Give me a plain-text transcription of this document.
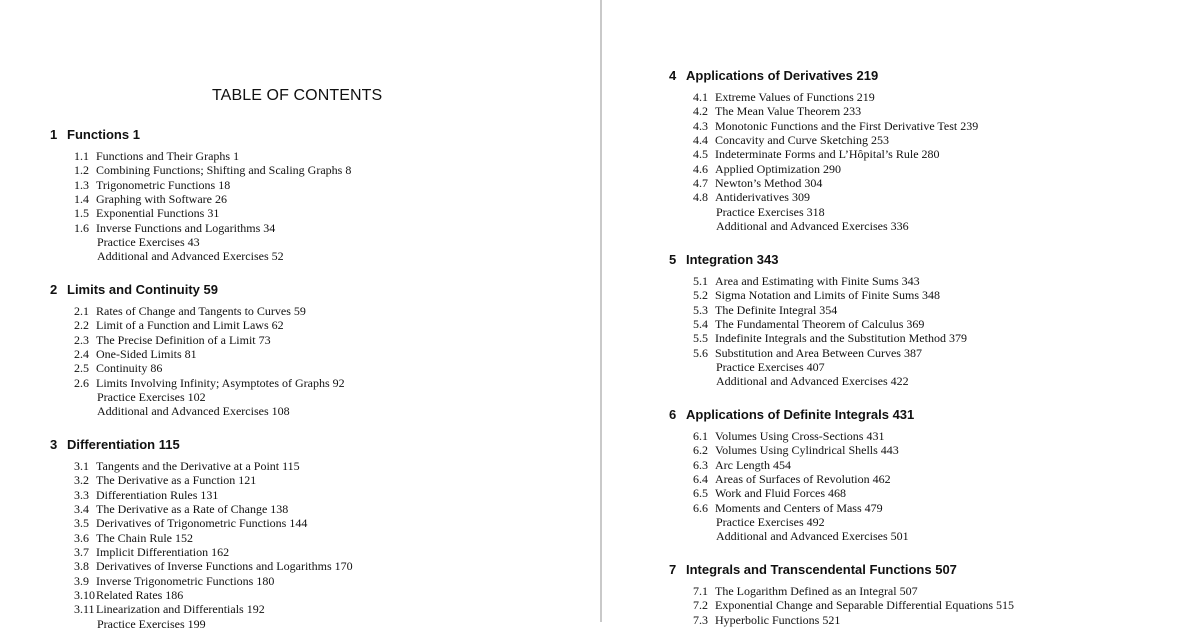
TABLE OF CONTENTS
1 Functions 1
1.1 Functions and Their Graphs 1
1.2 Combining Functions; Shifting and Scaling Graphs 8
1.3 Trigonometric Functions 18
1.4 Graphing with Software 26
1.5 Exponential Functions 31
1.6 Inverse Functions and Logarithms 34
Practice Exercises 43
Additional and Advanced Exercises 52
2 Limits and Continuity 59
2.1 Rates of Change and Tangents to Curves 59
2.2 Limit of a Function and Limit Laws 62
2.3 The Precise Definition of a Limit 73
2.4 One-Sided Limits 81
2.5 Continuity 86
2.6 Limits Involving Infinity; Asymptotes of Graphs 92
Practice Exercises 102
Additional and Advanced Exercises 108
3 Differentiation 115
3.1 Tangents and the Derivative at a Point 115
3.2 The Derivative as a Function 121
3.3 Differentiation Rules 131
3.4 The Derivative as a Rate of Change 138
3.5 Derivatives of Trigonometric Functions 144
3.6 The Chain Rule 152
3.7 Implicit Differentiation 162
3.8 Derivatives of Inverse Functions and Logarithms 170
3.9 Inverse Trigonometric Functions 180
3.10 Related Rates 186
3.11 Linearization and Differentials 192
Practice Exercises 199
4 Applications of Derivatives 219
4.1 Extreme Values of Functions 219
4.2 The Mean Value Theorem 233
4.3 Monotonic Functions and the First Derivative Test 239
4.4 Concavity and Curve Sketching 253
4.5 Indeterminate Forms and L’Hôpital’s Rule 280
4.6 Applied Optimization 290
4.7 Newton’s Method 304
4.8 Antiderivatives 309
Practice Exercises 318
Additional and Advanced Exercises 336
5 Integration 343
5.1 Area and Estimating with Finite Sums 343
5.2 Sigma Notation and Limits of Finite Sums 348
5.3 The Definite Integral 354
5.4 The Fundamental Theorem of Calculus 369
5.5 Indefinite Integrals and the Substitution Method 379
5.6 Substitution and Area Between Curves 387
Practice Exercises 407
Additional and Advanced Exercises 422
6 Applications of Definite Integrals 431
6.1 Volumes Using Cross-Sections 431
6.2 Volumes Using Cylindrical Shells 443
6.3 Arc Length 454
6.4 Areas of Surfaces of Revolution 462
6.5 Work and Fluid Forces 468
6.6 Moments and Centers of Mass 479
Practice Exercises 492
Additional and Advanced Exercises 501
7 Integrals and Transcendental Functions 507
7.1 The Logarithm Defined as an Integral 507
7.2 Exponential Change and Separable Differential Equations 515
7.3 Hyperbolic Functions 521
